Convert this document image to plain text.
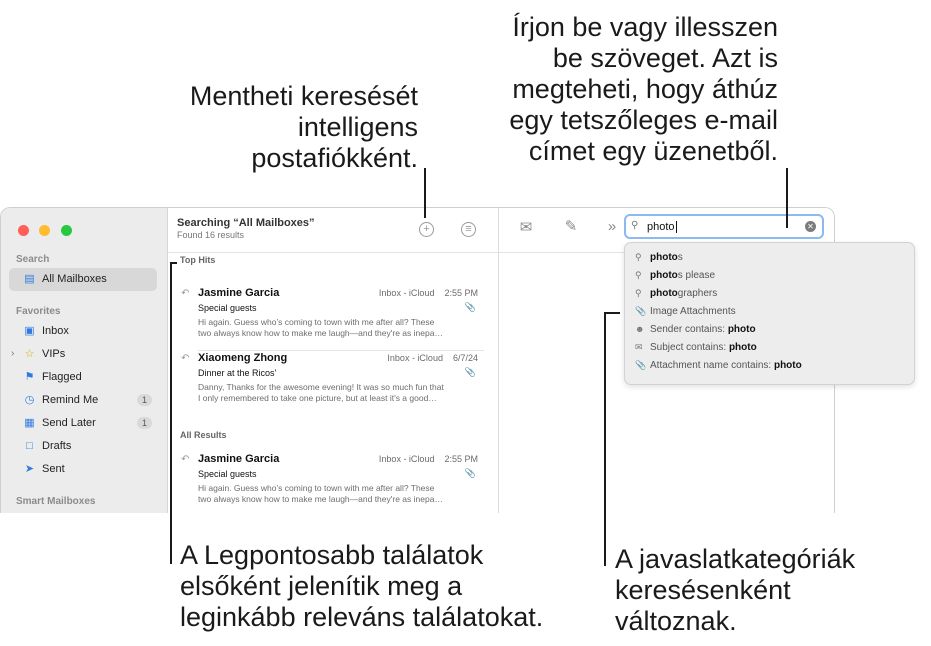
Mentheti keresését
intelligens
postafiókként.
Írjon be vagy illesszen
be szöveget. Azt is
megteheti, hogy áthúz
egy tetszőleges e-mail
címet egy üzenetből.
A Legpontosabb találatok
elsőként jelenítik meg a
leginkább releváns találatokat.
A javaslatkategóriák
keresésenként
változnak.

Search
▤ All Mailboxes
Favorites
▣ Inbox
› ☆ VIPs
⚑ Flagged
◷ Remind Me	1
▦ Send Later	1
□ Drafts
➤ Sent
Smart Mailboxes
Searching “All Mailboxes”
Found 16 results	+	≡
Top Hits
↶ Jasmine Garcia	Inbox - iCloud 2:55 PM
Special guests	📎
Hi again. Guess who’s coming to town with me after all? These
two always know how to make me laugh—and they're as inepa…
↶ Xiaomeng Zhong	Inbox - iCloud 6/7/24
Dinner at the Ricos'	📎
Danny, Thanks for the awesome evening! It was so much fun that
I only remembered to take one picture, but at least it's a good…
All Results
↶ Jasmine Garcia	Inbox - iCloud 2:55 PM
Special guests	📎
Hi again. Guess who’s coming to town with me after all? These
two always know how to make me laugh—and they're as inepa…
✉ ✎ »	⚲ photo	✕
⚲ photos
⚲ photos please
⚲ photographers
📎 Image Attachments
☻ Sender contains: photo
✉ Subject contains: photo
📎 Attachment name contains: photo
